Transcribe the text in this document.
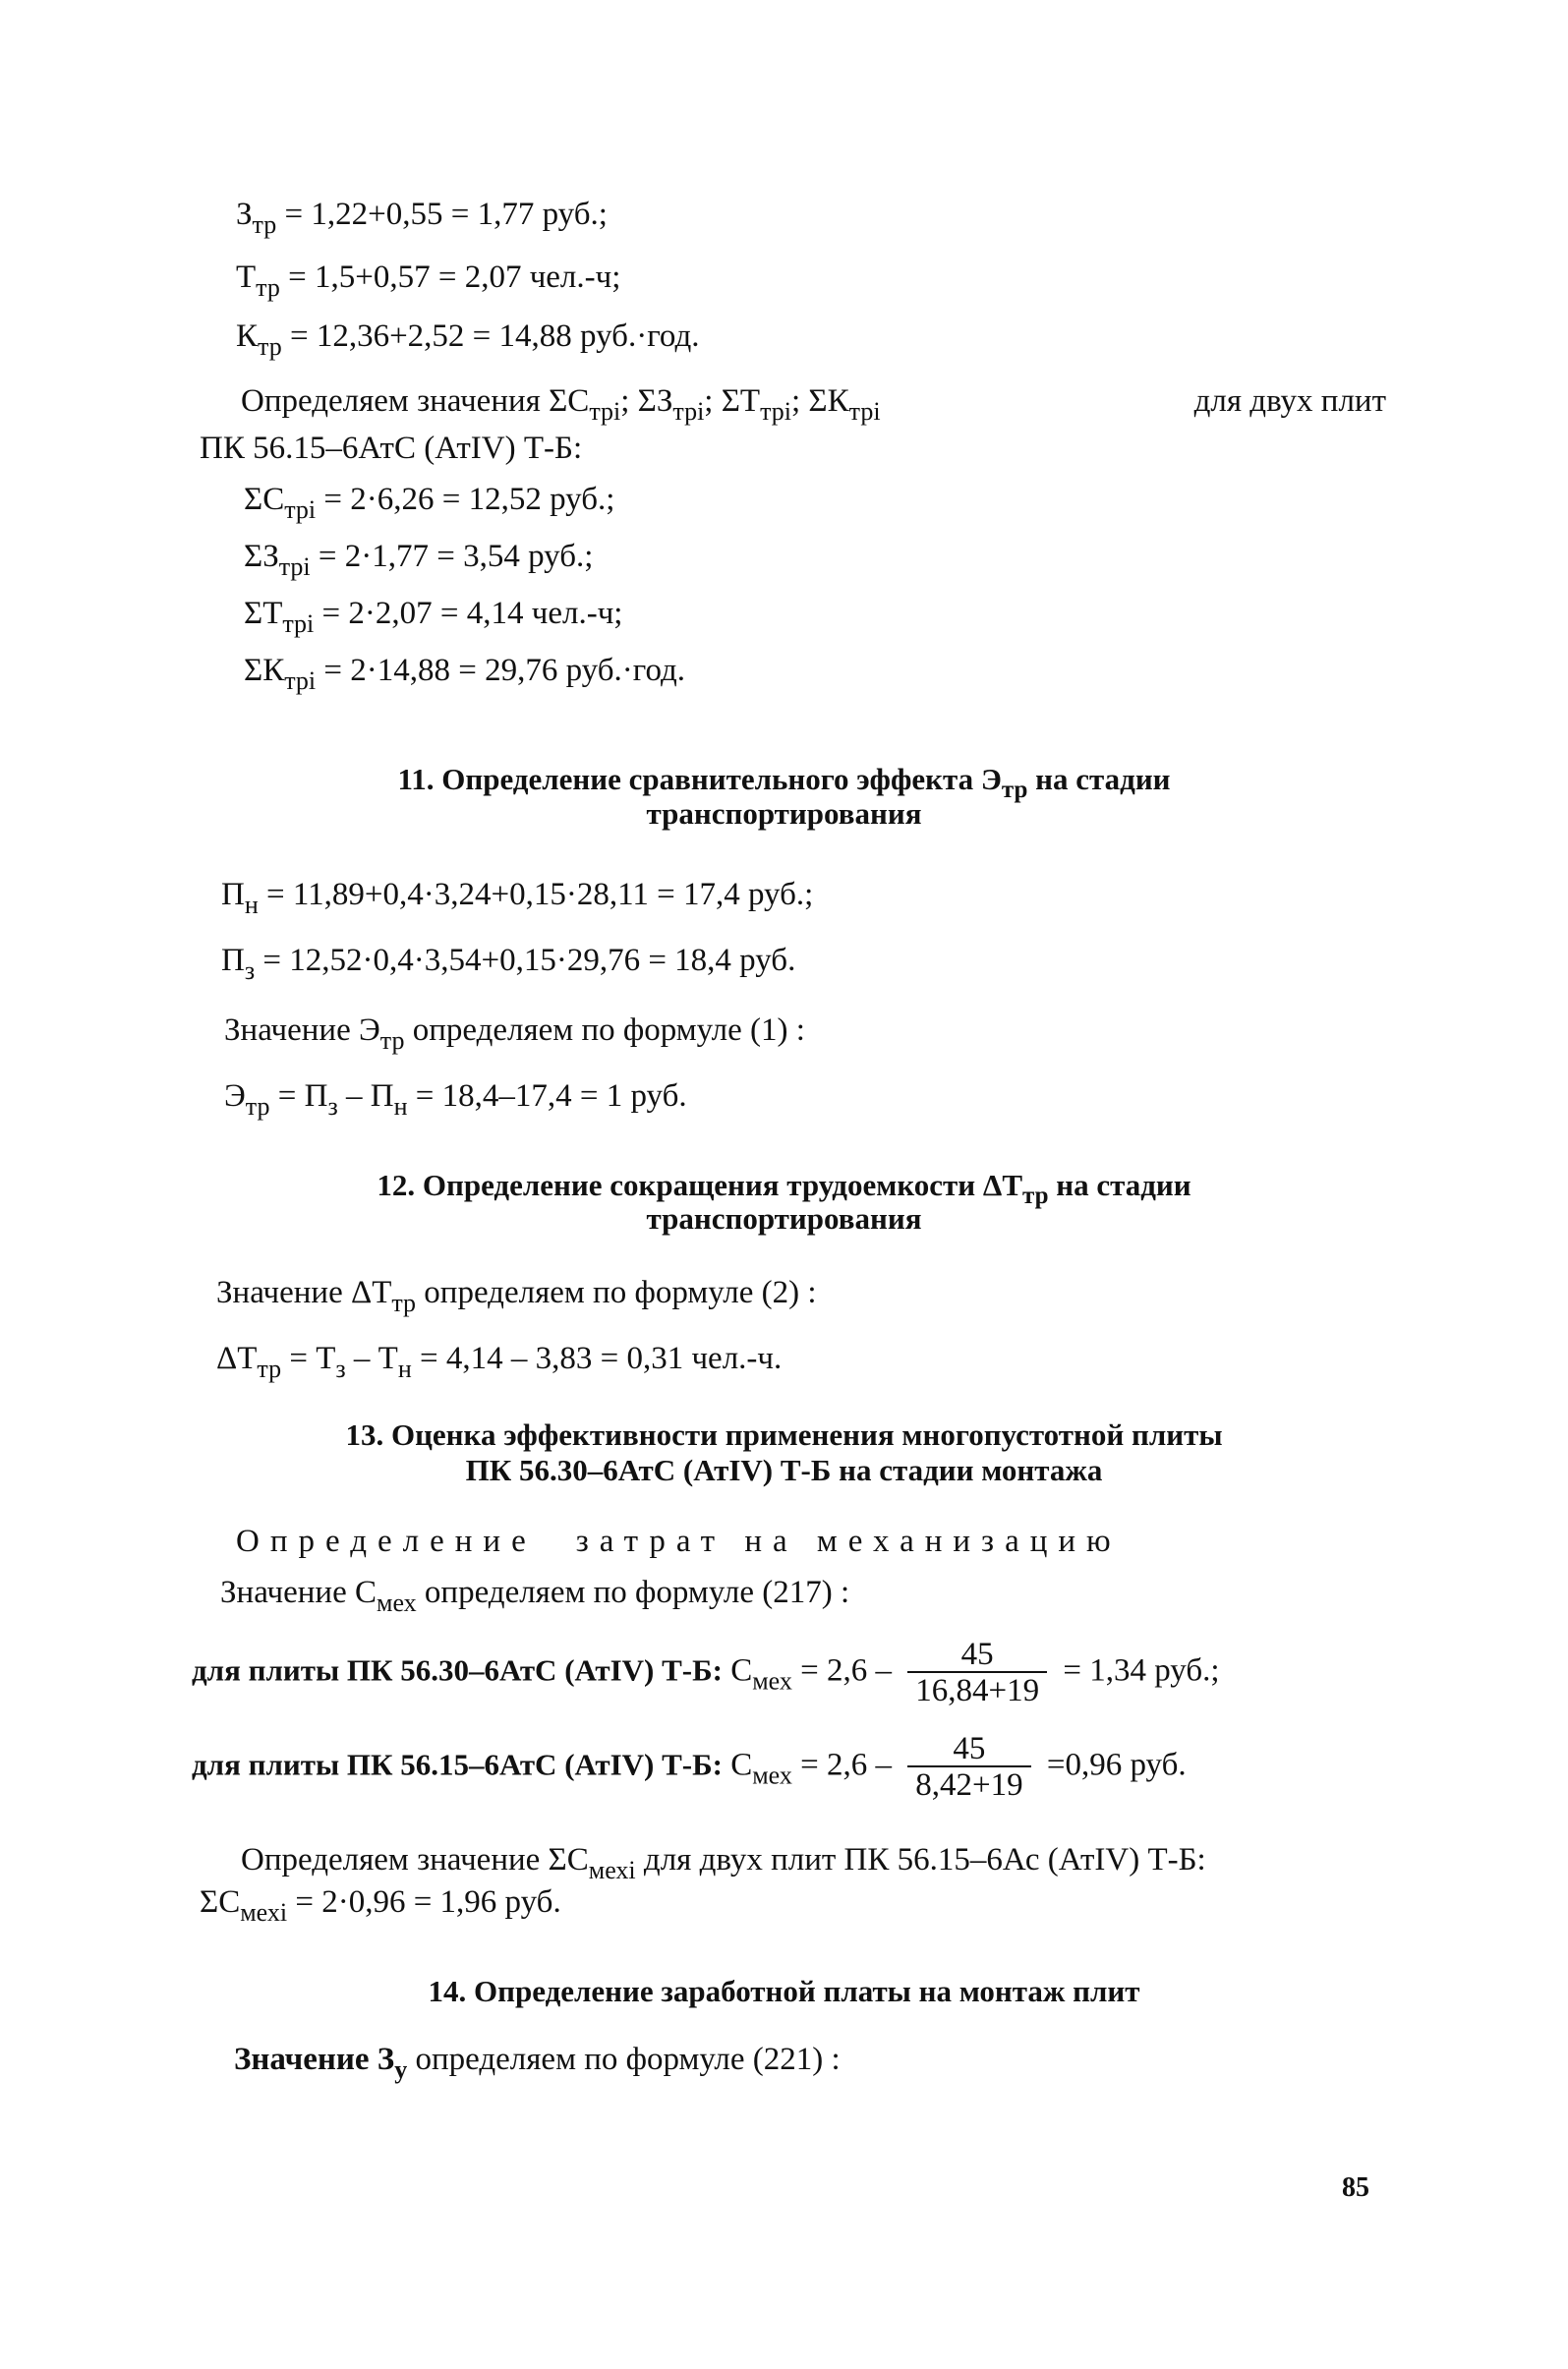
$З_{тр} = 1,22+0,55 = 1,77$ руб.;
$Т_{тр} = 1,5+0,57 = 2,07$ чел.-ч;
$К_{тр} = 12,36+2,52 = 14,88$ руб.·год.
Определяем значения $\Sigma С_{трi}$; $\Sigma З_{трi}$; $\Sigma Т_{трi}$; $\Sigma К_{трi}$	для двух плит
ПК 56.15–6АтС (АтIV) Т-Б:
$\Sigma С_{трi} = 2\cdot 6,26 = 12,52$ руб.;
$\Sigma З_{трi} = 2\cdot 1,77 = 3,54$ руб.;
$\Sigma Т_{трi} = 2\cdot 2,07 = 4,14$ чел.-ч;
$\Sigma К_{трi} = 2\cdot 14,88 = 29,76$ руб.·год.
11. Определение сравнительного эффекта $Э_{тр}$ на стадии
транспортирования
$П_н = 11,89+0,4\cdot 3,24+0,15\cdot 28,11 = 17,4$ руб.;
$П_з = 12,52\cdot 0,4\cdot 3,54+0,15\cdot 29,76 = 18,4$ руб.
Значение $Э_{тр}$ определяем по формуле (1) :
$Э_{тр} = П_з - П_н = 18,4-17,4 = 1$ руб.
12. Определение сокращения трудоемкости $\Delta Т_{тр}$ на стадии
транспортирования
Значение $\Delta Т_{тр}$ определяем по формуле (2) :
$\Delta Т_{тр} = Т_з - Т_н = 4,14 - 3,83 = 0,31$ чел.-ч.
13. Оценка эффективности применения многопустотной плиты
ПК 56.30–6АтС (АтIV) Т-Б на стадии монтажа
Определение затрат на механизацию
Значение $С_{мех}$ определяем по формуле (217) :
для плиты ПК 56.30–6АтС (АтIV) Т-Б: $С_{мех} = 2,6 - \frac{45}{16,84+19} = 1,34$ руб.;
для плиты ПК 56.15–6АтС (АтIV) Т-Б: $С_{мех} = 2,6 - \frac{45}{8,42+19} =0,96$ руб.
Определяем значение $\Sigma С_{мехi}$ для двух плит ПК 56.15–6Ас (АтIV) Т-Б:
$\Sigma С_{мехi} = 2\cdot 0,96 = 1,96$ руб.
14. Определение заработной платы на монтаж плит
Значение $З_у$ определяем по формуле (221) :
85
